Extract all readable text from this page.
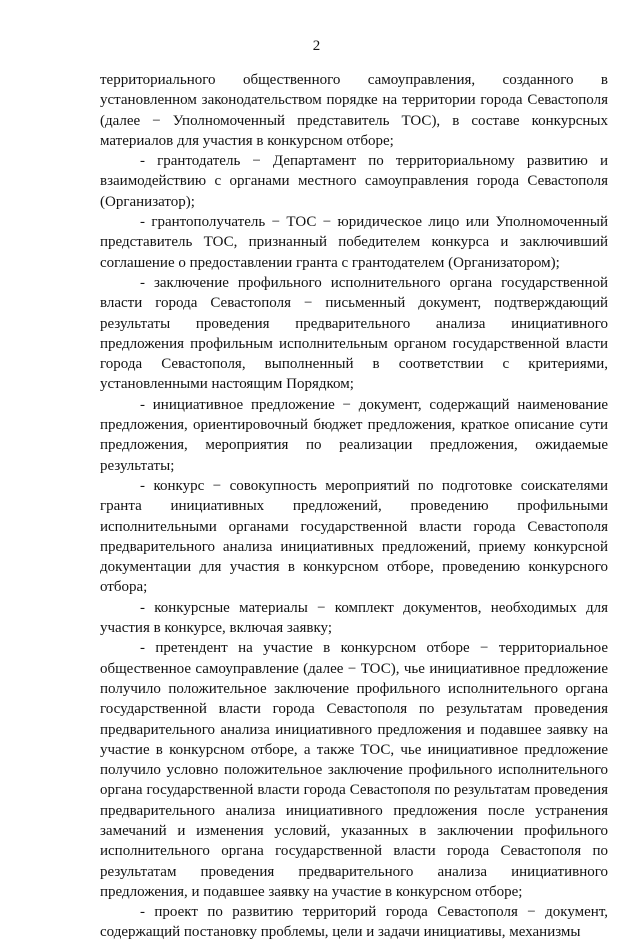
2

территориального общественного самоуправления, созданного в установленном законодательством порядке на территории города Севастополя (далее − Уполномоченный представитель ТОС), в составе конкурсных материалов для участия в конкурсном отборе;

- грантодатель − Департамент по территориальному развитию и взаимодействию с органами местного самоуправления города Севастополя (Организатор);

- грантополучатель − ТОС − юридическое лицо или Уполномоченный представитель ТОС, признанный победителем конкурса и заключивший соглашение о предоставлении гранта с грантодателем (Организатором);

- заключение профильного исполнительного органа государственной власти города Севастополя − письменный документ, подтверждающий результаты проведения предварительного анализа инициативного предложения профильным исполнительным органом государственной власти города Севастополя, выполненный в соответствии с критериями, установленными настоящим Порядком;

- инициативное предложение − документ, содержащий наименование предложения, ориентировочный бюджет предложения, краткое описание сути предложения, мероприятия по реализации предложения, ожидаемые результаты;

- конкурс − совокупность мероприятий по подготовке соискателями гранта инициативных предложений, проведению профильными исполнительными органами государственной власти города Севастополя предварительного анализа инициативных предложений, приему конкурсной документации для участия в конкурсном отборе, проведению конкурсного отбора;

- конкурсные материалы − комплект документов, необходимых для участия в конкурсе, включая заявку;

- претендент на участие в конкурсном отборе − территориальное общественное самоуправление (далее − ТОС), чье инициативное предложение получило положительное заключение профильного исполнительного органа государственной власти города Севастополя по результатам проведения предварительного анализа инициативного предложения и подавшее заявку на участие в конкурсном отборе, а также ТОС, чье инициативное предложение получило условно положительное заключение профильного исполнительного органа государственной власти города Севастополя по результатам проведения предварительного анализа инициативного предложения после устранения замечаний и изменения условий, указанных в заключении профильного исполнительного органа государственной власти города Севастополя по результатам проведения предварительного анализа инициативного предложения, и подавшее заявку на участие в конкурсном отборе;

- проект по развитию территорий города Севастополя − документ, содержащий постановку проблемы, цели и задачи инициативы, механизмы
